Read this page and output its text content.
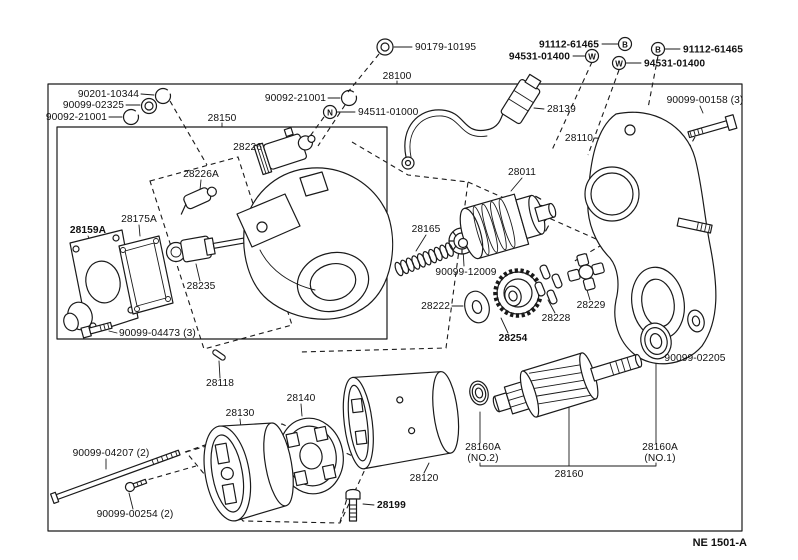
B
W
B
W
N
90179-10195	91112-61465
94531-01400
91112-61465
94531-01400
28100
90201-10344
90099-02325
90092-21001
90092-21001
94511-01000
28150
28226
28226A
28159A
28175A
28235
90099-04473 (3)
28118
28130
28140
90099-04207 (2)
90099-00254 (2)
28120
28199
28160A
(NO.2)
28160A
(NO.1)
28160
90099-02205
28110
28139
90099-00158 (3)
28011
28165
90099-12009
28222
28254
28228
28229
NE 1501-A
